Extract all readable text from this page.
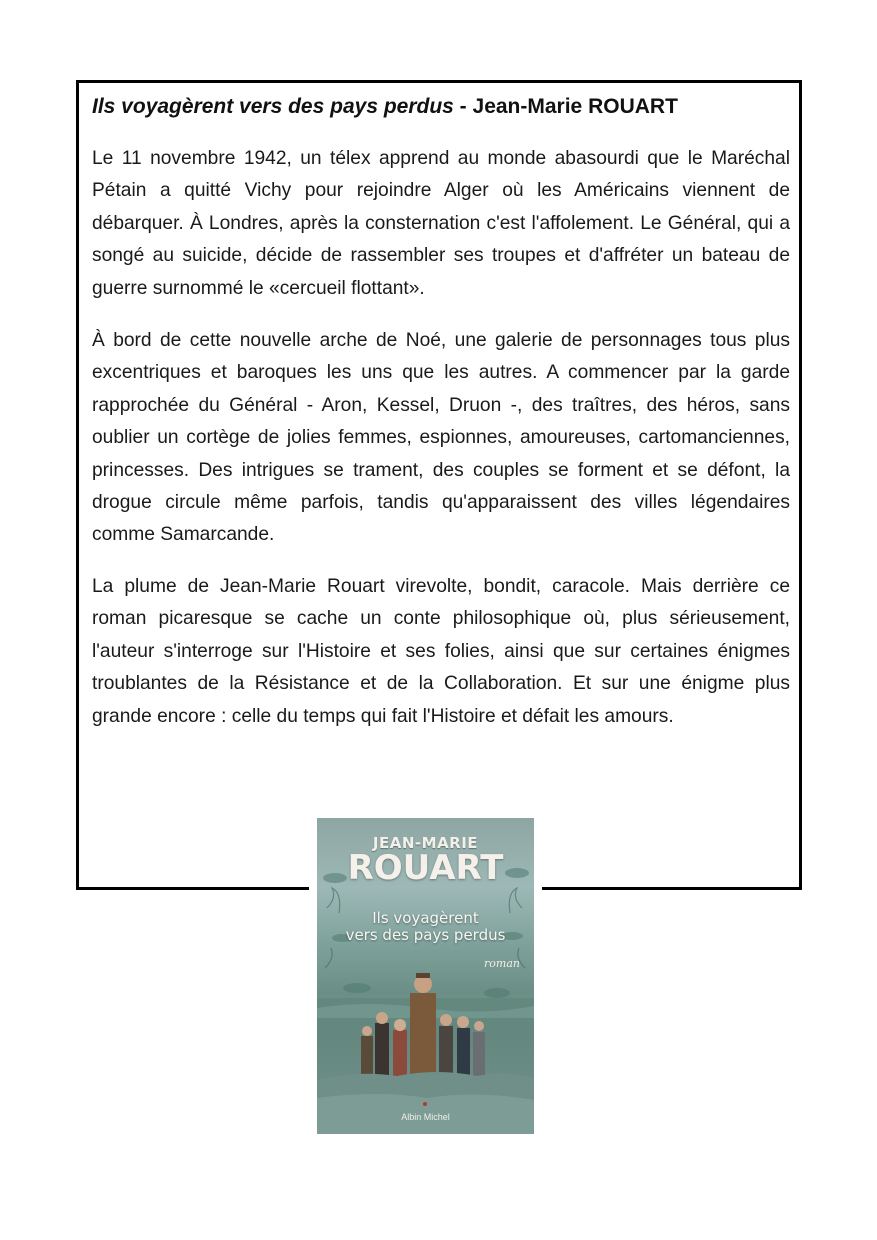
Ils voyagèrent vers des pays perdus - Jean-Marie ROUART

Le 11 novembre 1942, un télex apprend au monde abasourdi que le Maréchal Pétain a quitté Vichy pour rejoindre Alger où les Américains viennent de débarquer. À Londres, après la consternation c'est l'affolement. Le Général, qui a songé au suicide, décide de rassembler ses troupes et d'affréter un bateau de guerre surnommé le «cercueil flottant».

À bord de cette nouvelle arche de Noé, une galerie de personnages tous plus excentriques et baroques les uns que les autres. A commencer par la garde rapprochée du Général - Aron, Kessel, Druon -, des traîtres, des héros, sans oublier un cortège de jolies femmes, espionnes, amoureuses, cartomanciennes, princesses. Des intrigues se trament, des couples se forment et se défont, la drogue circule même parfois, tandis qu'apparaissent des villes légendaires comme Samarcande.

La plume de Jean-Marie Rouart virevolte, bondit, caracole. Mais derrière ce roman picaresque se cache un conte philosophique où, plus sérieusement, l'auteur s'interroge sur l'Histoire et ses folies, ainsi que sur certaines énigmes troublantes de la Résistance et de la Collaboration. Et sur une énigme plus grande encore : celle du temps qui fait l'Histoire et défait les amours.

JEAN-MARIE
ROUART
Ils voyagèrent
vers des pays perdus
roman
Albin Michel
